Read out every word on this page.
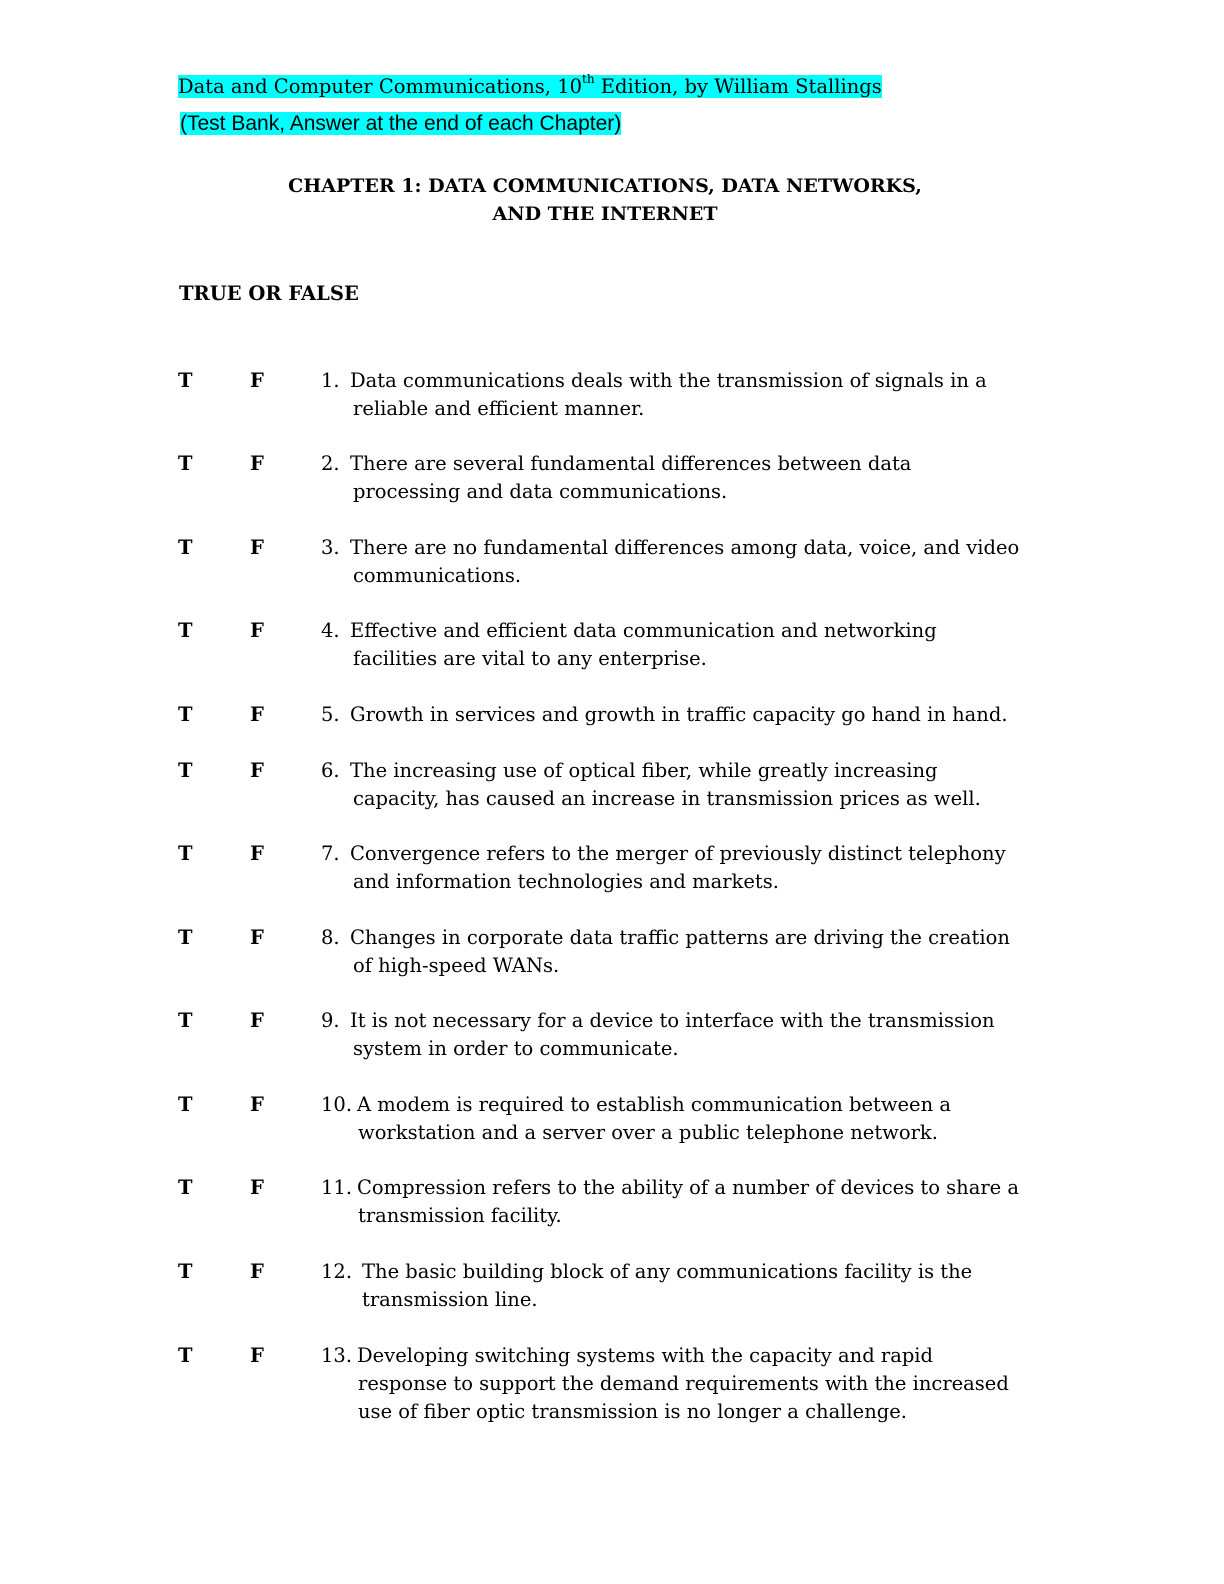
Data and Computer Communications, 10th Edition, by William Stallings
(Test Bank, Answer at the end of each Chapter)
CHAPTER 1: DATA COMMUNICATIONS, DATA NETWORKS,
AND THE INTERNET
TRUE OR FALSE
T	F	1. Data communications deals with the transmission of signals in a
reliable and efficient manner.
T	F	2. There are several fundamental differences between data
processing and data communications.
T	F	3. There are no fundamental differences among data, voice, and video
communications.
T	F	4. Effective and efficient data communication and networking
facilities are vital to any enterprise.
T	F	5. Growth in services and growth in traffic capacity go hand in hand.
T	F	6. The increasing use of optical fiber, while greatly increasing
capacity, has caused an increase in transmission prices as well.
T	F	7. Convergence refers to the merger of previously distinct telephony
and information technologies and markets.
T	F	8. Changes in corporate data traffic patterns are driving the creation
of high-speed WANs.
T	F	9. It is not necessary for a device to interface with the transmission
system in order to communicate.
T	F	10. A modem is required to establish communication between a
workstation and a server over a public telephone network.
T	F	11. Compression refers to the ability of a number of devices to share a
transmission facility.
T	F	12. The basic building block of any communications facility is the
transmission line.
T	F	13. Developing switching systems with the capacity and rapid
response to support the demand requirements with the increased
use of fiber optic transmission is no longer a challenge.
